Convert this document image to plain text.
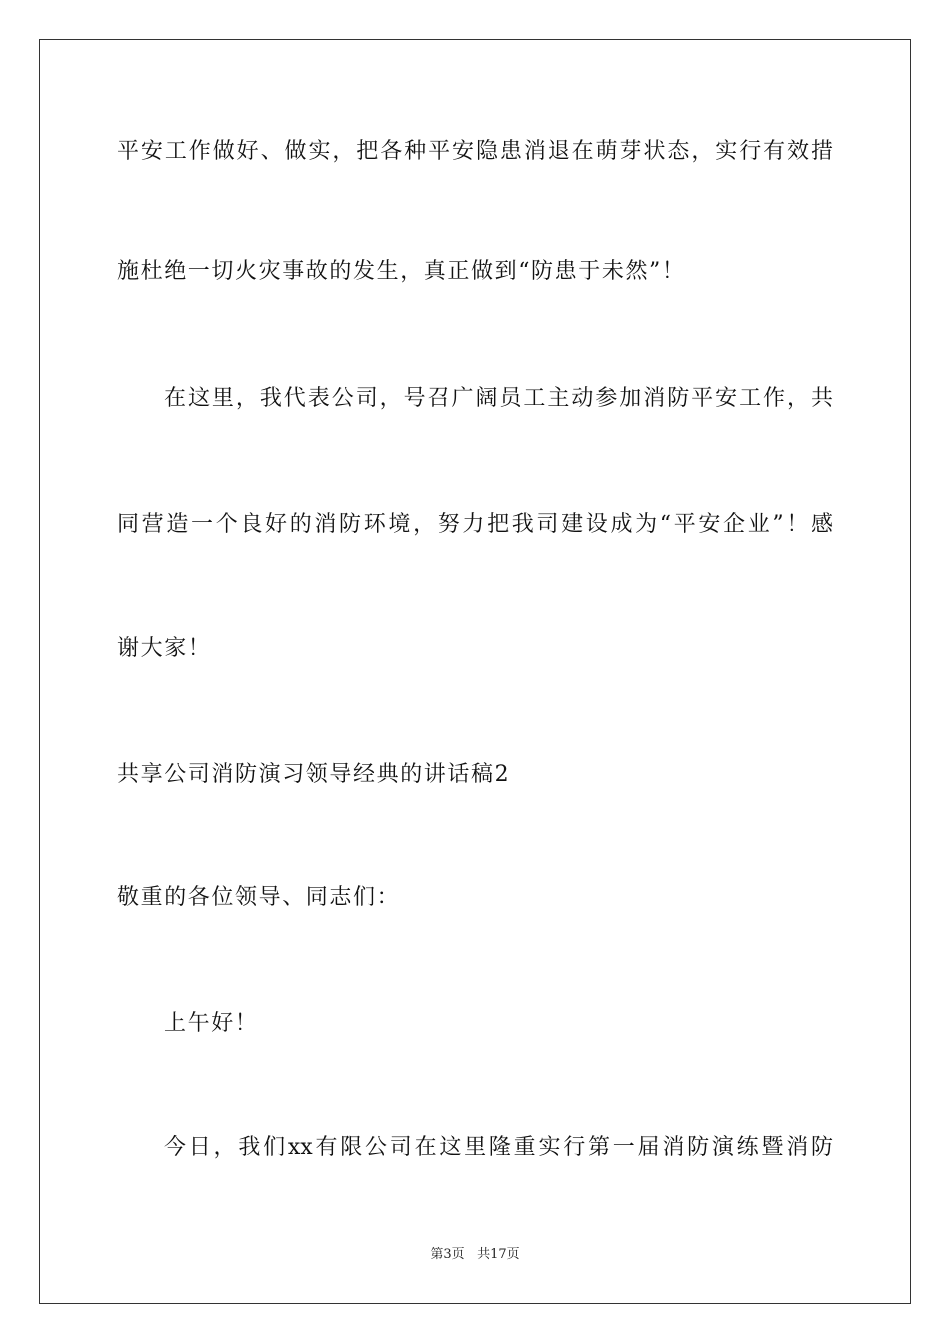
平安工作做好、做实，把各种平安隐患消退在萌芽状态，实行有效措
施杜绝一切火灾事故的发生，真正做到“防患于未然”！
在这里，我代表公司，号召广阔员工主动参加消防平安工作，共
同营造一个良好的消防环境，努力把我司建设成为“平安企业”！感
谢大家！
共享公司消防演习领导经典的讲话稿2
敬重的各位领导、同志们：
上午好！
今日，我们xx有限公司在这里隆重实行第一届消防演练暨消防
第3页 共17页
